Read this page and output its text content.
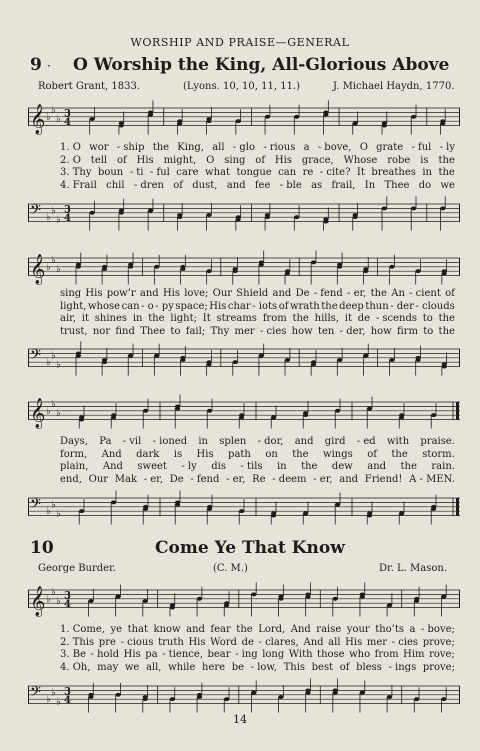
WORSHIP AND PRAISE—GENERAL
9 · O Worship the King, All-Glorious Above
Robert Grant, 1833.	(Lyons. 10, 10, 11, 11.)	J. Michael Haydn, 1770.
𝄞 ♭
♭
♭
3
4
1. O wor - ship the King, all - glo - rious a - bove, O grate - ful - ly
2. O tell of His might, O sing of His grace, Whose robe is the
3. Thy boun - ti - ful care what tongue can re - cite? It breathes in the
4. Frail chil - dren of dust, and fee - ble as frail, In Thee do we
𝄢 ♭
♭
♭
3
4
𝄞 ♭
♭
♭
sing His pow’r and His love; Our Shield and De - fend - er, the An - cient of
light, whose can - o - py space; His char - iots of wrath the deep thun - der - clouds
air, it shines in the light; It streams from the hills, it de - scends to the
trust, nor find Thee to fail; Thy mer - cies how ten - der, how firm to the
𝄢 ♭
♭
♭
𝄞 ♭
♭
♭
Days, Pa - vil - ioned in splen - dor, and gird - ed with praise.
form, And dark is His path on the wings of the storm.
plain, And sweet - ly dis - tils in the dew and the rain.
end, Our Mak - er, De - fend - er, Re - deem - er, and Friend! A - MEN.
𝄢 ♭
♭
♭
10	Come Ye That Know
George Burder.	(C. M.)	Dr. L. Mason.
𝄞 ♭
♭
♭
3
4
1. Come, ye that know and fear the Lord, And raise your tho’ts a - bove;
2. This pre - cious truth His Word de - clares, And all His mer - cies prove;
3. Be - hold His pa - tience, bear - ing long With those who from Him rove;
4. Oh, may we all, while here be - low, This best of bless - ings prove;
𝄢 ♭
♭
♭
3
4
14
